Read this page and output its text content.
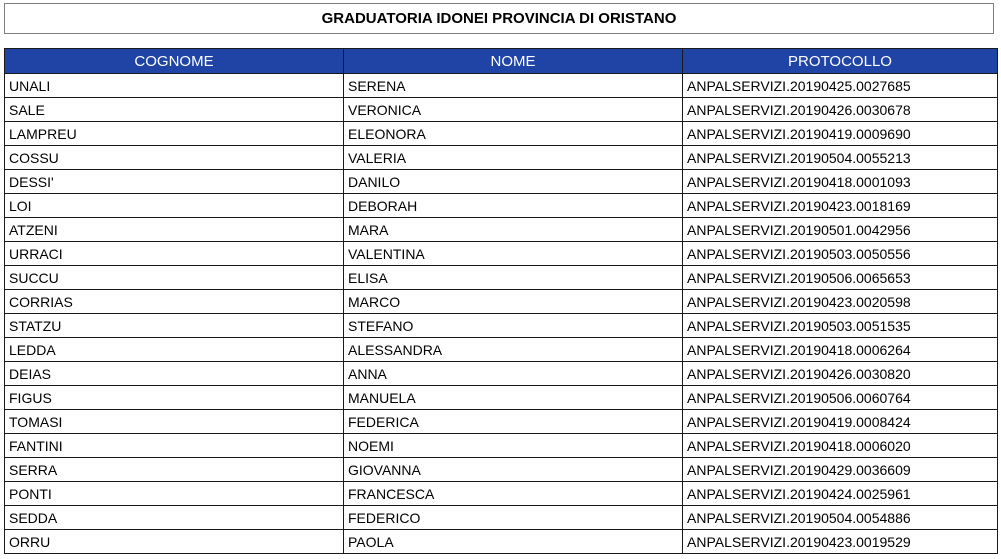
GRADUATORIA IDONEI PROVINCIA DI ORISTANO
COGNOME	NOME	PROTOCOLLO
UNALI	SERENA	ANPALSERVIZI.20190425.0027685
SALE	VERONICA	ANPALSERVIZI.20190426.0030678
LAMPREU	ELEONORA	ANPALSERVIZI.20190419.0009690
COSSU	VALERIA	ANPALSERVIZI.20190504.0055213
DESSI'	DANILO	ANPALSERVIZI.20190418.0001093
LOI	DEBORAH	ANPALSERVIZI.20190423.0018169
ATZENI	MARA	ANPALSERVIZI.20190501.0042956
URRACI	VALENTINA	ANPALSERVIZI.20190503.0050556
SUCCU	ELISA	ANPALSERVIZI.20190506.0065653
CORRIAS	MARCO	ANPALSERVIZI.20190423.0020598
STATZU	STEFANO	ANPALSERVIZI.20190503.0051535
LEDDA	ALESSANDRA	ANPALSERVIZI.20190418.0006264
DEIAS	ANNA	ANPALSERVIZI.20190426.0030820
FIGUS	MANUELA	ANPALSERVIZI.20190506.0060764
TOMASI	FEDERICA	ANPALSERVIZI.20190419.0008424
FANTINI	NOEMI	ANPALSERVIZI.20190418.0006020
SERRA	GIOVANNA	ANPALSERVIZI.20190429.0036609
PONTI	FRANCESCA	ANPALSERVIZI.20190424.0025961
SEDDA	FEDERICO	ANPALSERVIZI.20190504.0054886
ORRU	PAOLA	ANPALSERVIZI.20190423.0019529
